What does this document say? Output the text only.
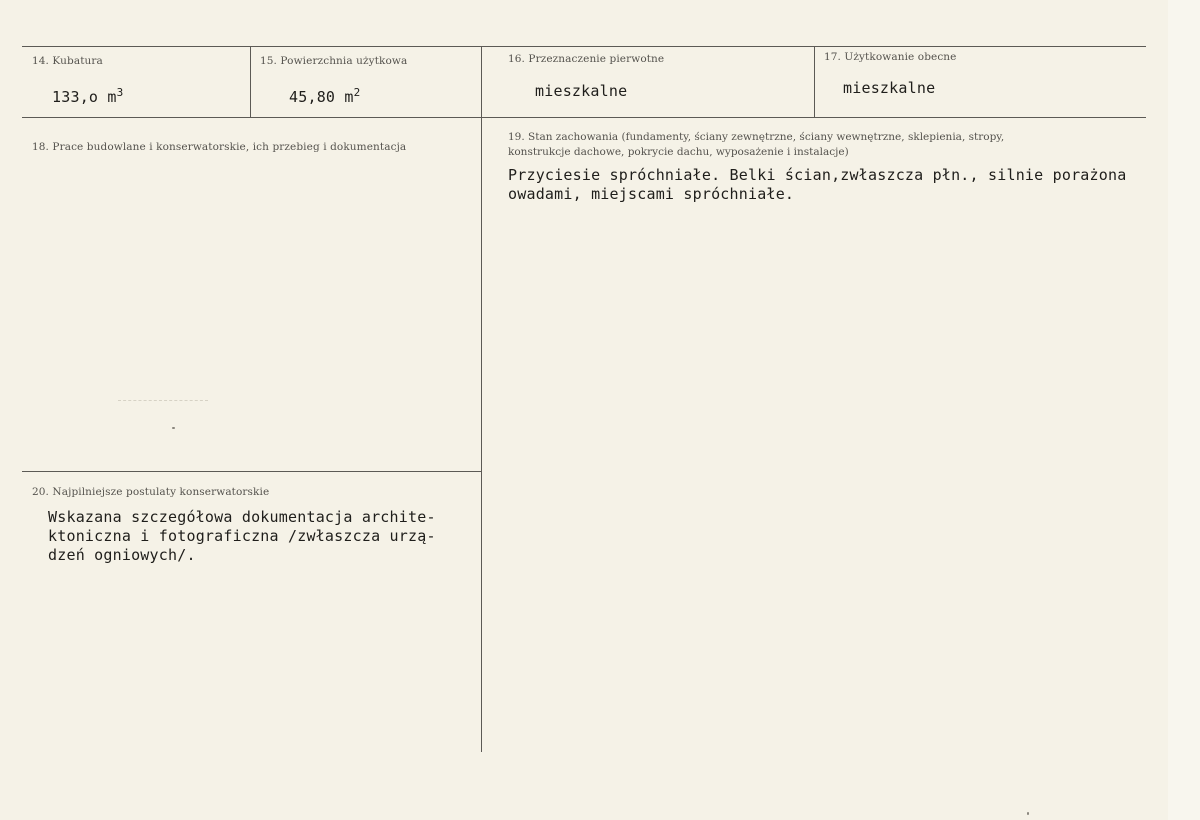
14. Kubatura
133,o $m^3$
15. Powierzchnia użytkowa
45,80 $m^2$
16. Przeznaczenie pierwotne
mieszkalne
17. Użytkowanie obecne
mieszkalne
18. Prace budowlane i konserwatorskie, ich przebieg i dokumentacja
19. Stan zachowania (fundamenty, ściany zewnętrzne, ściany wewnętrzne, sklepienia, stropy, konstrukcje dachowe, pokrycie dachu, wyposażenie i instalacje)
Przyciesie spróchniałe. Belki ścian,zwłaszcza płn., silnie porażona
owadami, miejscami spróchniałe.
20. Najpilniejsze postulaty konserwatorskie
Wskazana szczegółowa dokumentacja archite-
ktoniczna i fotograficzna /zwłaszcza urzą-
dzeń ogniowych/.
